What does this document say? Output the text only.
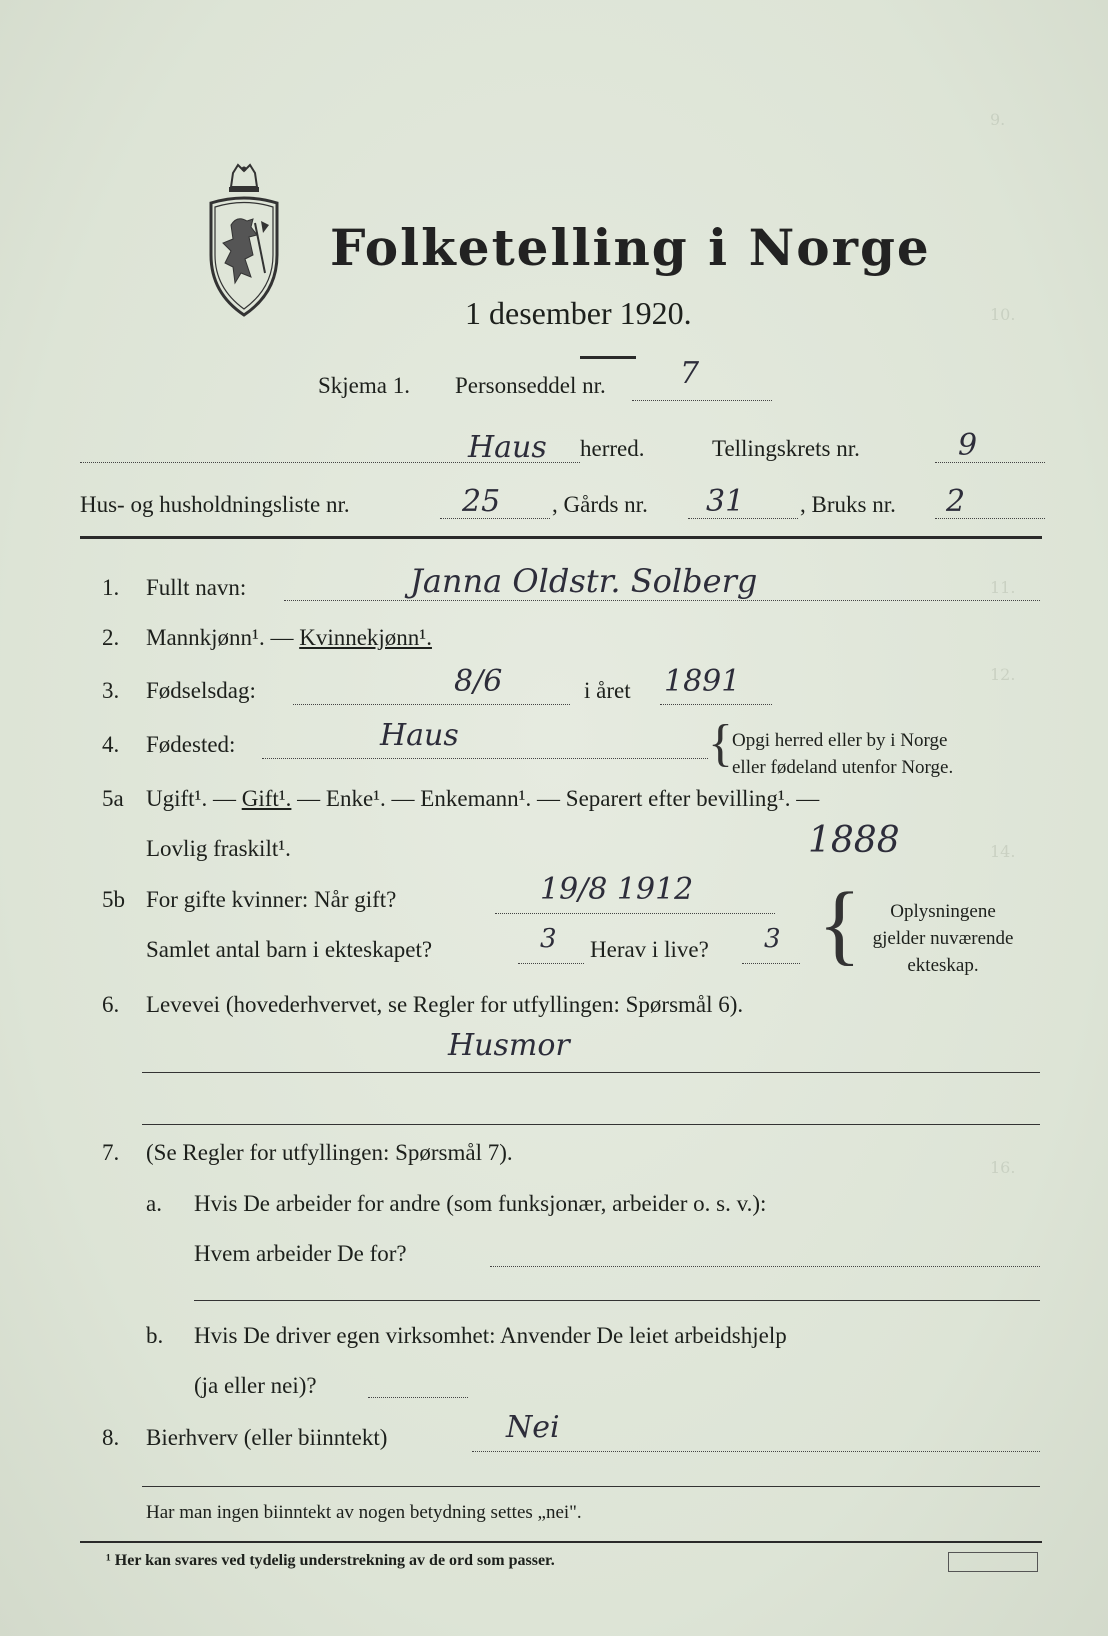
9.
10.
11.
12.
14.
16.
Folketelling i Norge
1 desember 1920.
Skjema 1. Personseddel nr. 7
Haus herred.	Tellingskrets nr.	9
Hus- og husholdningsliste nr.	25 , Gårds nr. 31 , Bruks nr. 2
1. Fullt navn:	Janna Oldstr. Solberg
2. Mannkjønn¹. — Kvinnekjønn¹.
3. Fødselsdag:	8/6	i året 1891
4. Fødested:	Haus	{ Opgi herred eller by i Norge
eller fødeland utenfor Norge.
5a Ugift¹. — Gift¹. — Enke¹. — Enkemann¹. — Separert efter bevilling¹. —
Lovlig fraskilt¹.	1888
5b For gifte kvinner: Når gift?	19/8 1912
Samlet antal barn i ekteskapet?	3 Herav i live? 3 {	Oplysningene
gjelder nuværende
ekteskap.
6. Levevei (hovederhvervet, se Regler for utfyllingen: Spørsmål 6).
Husmor
7. (Se Regler for utfyllingen: Spørsmål 7).
a. Hvis De arbeider for andre (som funksjonær, arbeider o. s. v.):
Hvem arbeider De for?
b. Hvis De driver egen virksomhet: Anvender De leiet arbeidshjelp
(ja eller nei)?
8. Bierhverv (eller biinntekt)	Nei
Har man ingen biinntekt av nogen betydning settes „nei".
¹ Her kan svares ved tydelig understrekning av de ord som passer.
